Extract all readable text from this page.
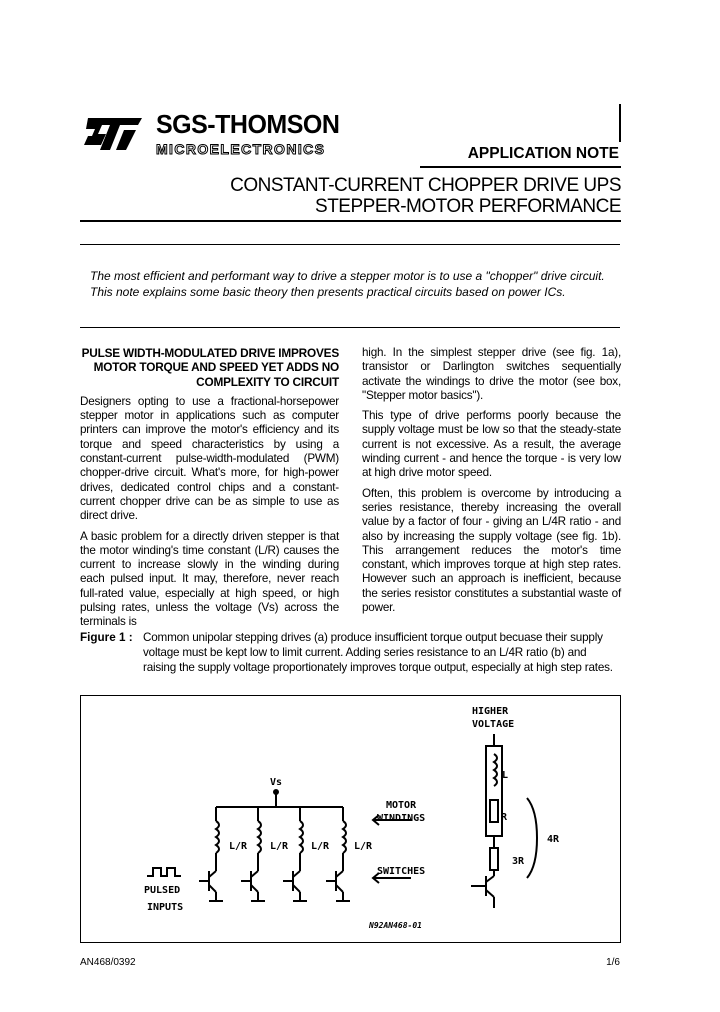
SGS-THOMSON
MICROELECTRONICS	APPLICATION NOTE
CONSTANT-CURRENT CHOPPER DRIVE UPS
STEPPER-MOTOR PERFORMANCE
The most efficient and performant way to drive a stepper motor is to use a "chopper" drive circuit.
This note explains some basic theory then presents practical circuits based on power ICs.
PULSE WIDTH-MODULATED DRIVE IMPROVES MOTOR TORQUE AND SPEED YET ADDS NO COMPLEXITY TO CIRCUIT

Designers opting to use a fractional-horsepower stepper motor in applications such as computer printers can improve the motor's efficiency and its torque and speed characteristics by using a constant-current pulse-width-modulated (PWM) chopper-drive circuit. What's more, for high-power drives, dedicated control chips and a constant-current chopper drive can be as simple to use as direct drive.

A basic problem for a directly driven stepper is that the motor winding's time constant (L/R) causes the current to increase slowly in the winding during each pulsed input. It may, therefore, never reach full-rated value, especially at high speed, or high pulsing rates, unless the voltage (Vs) across the terminals is

high. In the simplest stepper drive (see fig. 1a), transistor or Darlington switches sequentially activate the windings to drive the motor (see box, "Stepper motor basics").

This type of drive performs poorly because the supply voltage must be low so that the steady-state current is not excessive. As a result, the average winding current - and hence the torque - is very low at high drive motor speed.

Often, this problem is overcome by introducing a series resistance, thereby increasing the overall value by a factor of four - giving an L/4R ratio - and also by increasing the supply voltage (see fig. 1b). This arrangement reduces the motor's time constant, which improves torque at high step rates. However such an approach is inefficient, because the series resistor constitutes a substantial waste of power.

Figure 1 : Common unipolar stepping drives (a) produce insufficient torque output becuase their supply voltage must be kept low to limit current. Adding series resistance to an L/4R ratio (b) and raising the supply voltage proportionately improves torque output, especially at high step rates.
Vs
L/R L/R L/R L/R
PULSED
INPUTS
MOTOR
WINDINGS
SWITCHES
HIGHER
VOLTAGE
L
R
3R
4R
N92AN468-01
AN468/0392	1/6
